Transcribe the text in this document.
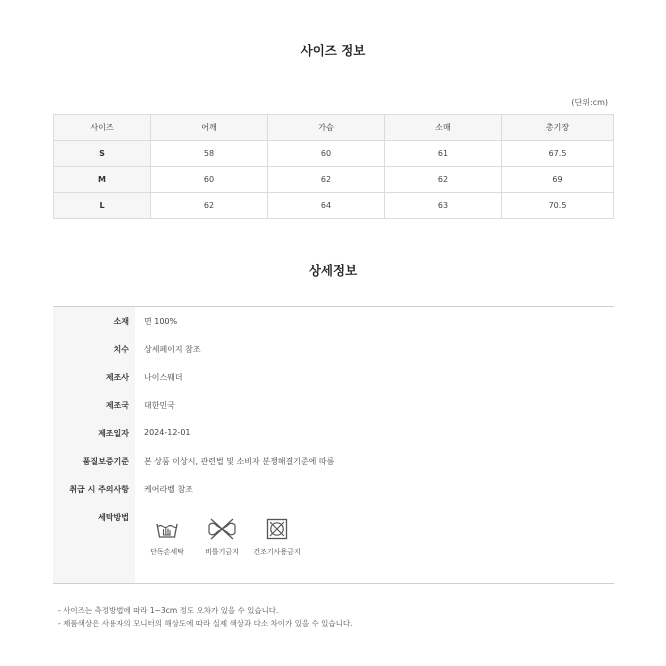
사이즈 정보
(단위:cm)
사이즈	어깨	가슴	소매	총기장
S	58	60	61	67.5
M	60	62	62	69
L	62	64	63	70.5
상세정보
소재 면 100%
치수 상세페이지 참조
제조사 나이스웨더
제조국 대한민국
제조일자 2024-12-01
품질보증기준 본 상품 이상시, 관련법 및 소비자 분쟁해결기준에 따름
취급 시 주의사항 케어라벨 참조
세탁방법
단독손세탁	비틀기금지	건조기사용금지
- 사이즈는 측정방법에 따라 1~3cm 정도 오차가 있을 수 있습니다.
- 제품색상은 사용자의 모니터의 해상도에 따라 실제 색상과 다소 차이가 있을 수 있습니다.
